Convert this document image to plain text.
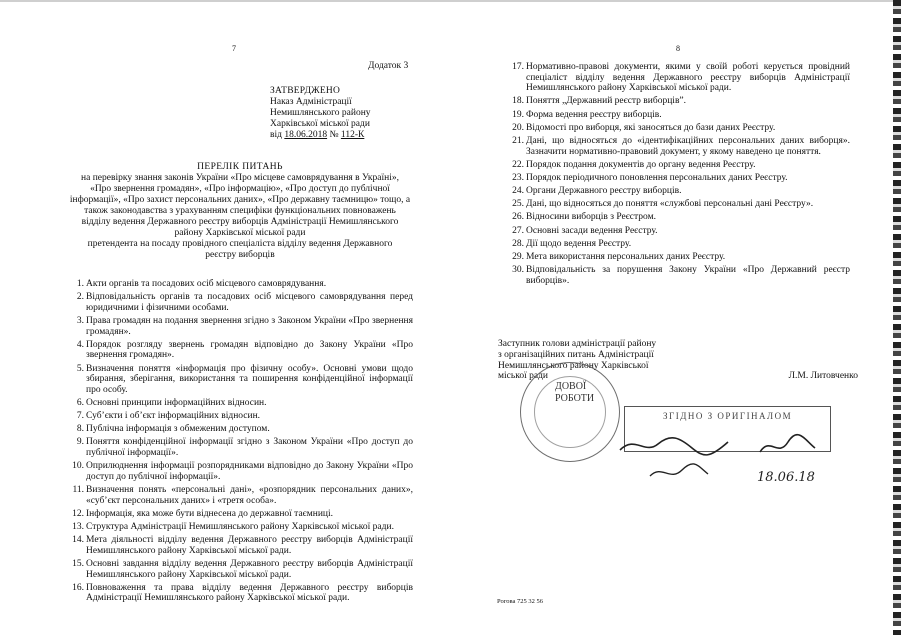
7
Додаток 3
ЗАТВЕРДЖЕНО
Наказ Адміністрації
Немишлянського району
Харківської міської ради
від 18.06.2018 № 112-К
ПЕРЕЛІК ПИТАНЬ
на перевірку знання законів України «Про місцеве самоврядування в Україні»,
«Про звернення громадян», «Про інформацію», «Про доступ до публічної
інформації», «Про захист персональних даних», «Про державну таємницю» тощо, а
також законодавства з урахуванням специфіки функціональних повноважень
відділу ведення Державного реєстру виборців Адміністрації Немишлянського
району Харківської міської ради
претендента на посаду провідного спеціаліста відділу ведення Державного
реєстру виборців
1. Акти органів та посадових осіб місцевого самоврядування.
2. Відповідальність органів та посадових осіб місцевого самоврядування перед юридичними і фізичними особами.
3. Права громадян на подання звернення згідно з Законом України «Про звернення громадян».
4. Порядок розгляду звернень громадян відповідно до Закону України «Про звернення громадян».
5. Визначення поняття «інформація про фізичну особу». Основні умови щодо збирання, зберігання, використання та поширення конфіденційної інформації про особу.
6. Основні принципи інформаційних відносин.
7. Суб’єкти і об’єкт інформаційних відносин.
8. Публічна інформація з обмеженим доступом.
9. Поняття конфіденційної інформації згідно з Законом України «Про доступ до публічної інформації».
10. Оприлюднення інформації розпорядниками відповідно до Закону України «Про доступ до публічної інформації».
11. Визначення понять «персональні дані», «розпорядник персональних даних», «суб’єкт персональних даних» і «третя особа».
12. Інформація, яка може бути віднесена до державної таємниці.
13. Структура Адміністрації Немишлянського району Харківської міської ради.
14. Мета діяльності відділу ведення Державного реєстру виборців Адміністрації Немишлянського району Харківської міської ради.
15. Основні завдання відділу ведення Державного реєстру виборців Адміністрації Немишлянського району Харківської міської ради.
16. Повноваження та права відділу ведення Державного реєстру виборців Адміністрації Немишлянського району Харківської міської ради.
8
17. Нормативно-правові документи, якими у своїй роботі керується провідний спеціаліст відділу ведення Державного реєстру виборців Адміністрації Немишлянського району Харківської міської ради.
18. Поняття „Державний реєстр виборців”.
19. Форма ведення реєстру виборців.
20. Відомості про виборця, які заносяться до бази даних Реєстру.
21. Дані, що відносяться до «ідентифікаційних персональних даних виборця». Зазначити нормативно-правовий документ, у якому наведено це поняття.
22. Порядок подання документів до органу ведення Реєстру.
23. Порядок періодичного поновлення персональних даних Реєстру.
24. Органи Державного реєстру виборців.
25. Дані, що відносяться до поняття «службові персональні дані Реєстру».
26. Відносини виборців з Реєстром.
27. Основні засади ведення Реєстру.
28. Дії щодо ведення Реєстру.
29. Мета використання персональних даних Реєстру.
30. Відповідальність за порушення Закону України «Про Державний реєстр виборців».
Заступник голови адміністрації району
з організаційних питань Адміністрації
Немишлянського району Харківської
міської ради	Л.М. Литовченко
ДОВОЇ
РОБОТИ
ЗГІДНО З ОРИГІНАЛОМ
18.06.18
Рогова 725 32 56
